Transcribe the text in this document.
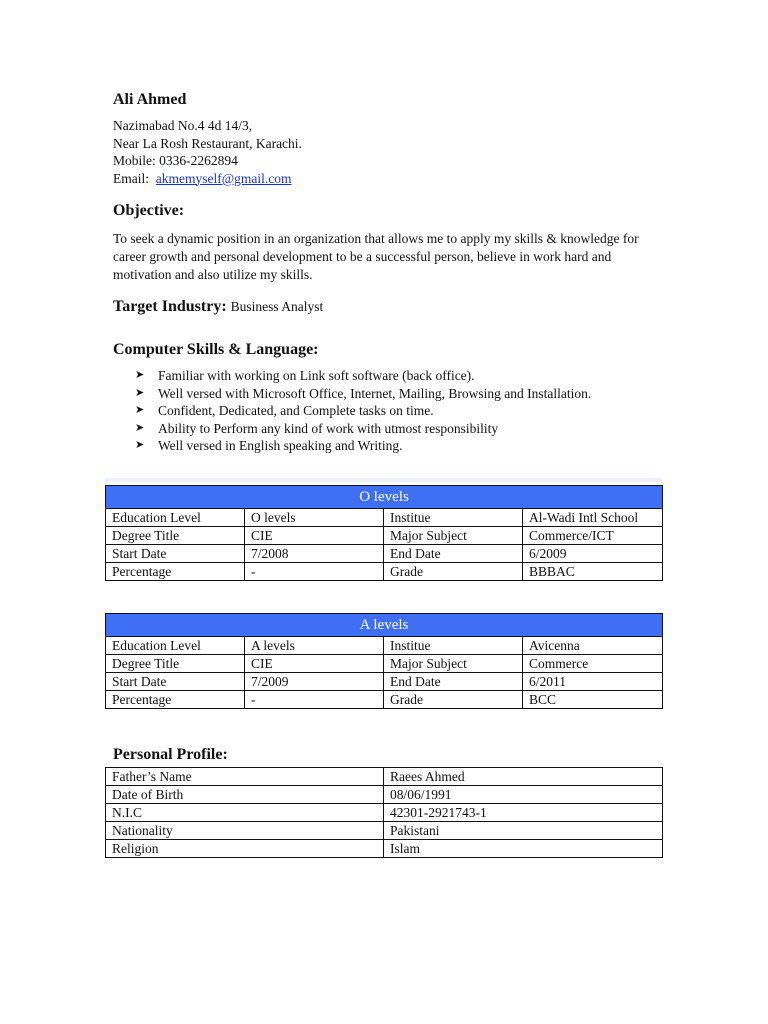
Ali Ahmed
Nazimabad No.4 4d 14/3,
Near La Rosh Restaurant, Karachi.
Mobile: 0336-2262894
Email: akmemyself@gmail.com
Objective:

To seek a dynamic position in an organization that allows me to apply my skills & knowledge for career growth and personal development to be a successful person, believe in work hard and motivation and also utilize my skills.

Target Industry: Business Analyst
Computer Skills & Language:
➤ Familiar with working on Link soft software (back office).
➤ Well versed with Microsoft Office, Internet, Mailing, Browsing and Installation.
➤ Confident, Dedicated, and Complete tasks on time.
➤ Ability to Perform any kind of work with utmost responsibility
➤ Well versed in English speaking and Writing.
O levels			
Education Level	O levels	Institue	Al-Wadi Intl School
Degree Title	CIE	Major Subject	Commerce/ICT
Start Date	7/2008	End Date	6/2009
Percentage	-	Grade	BBBAC
A levels			
Education Level	A levels	Institue	Avicenna
Degree Title	CIE	Major Subject	Commerce
Start Date	7/2009	End Date	6/2011
Percentage	-	Grade	BCC
Personal Profile:
Father’s Name	Raees Ahmed
Date of Birth	08/06/1991
N.I.C	42301-2921743-1
Nationality	Pakistani
Religion	Islam
